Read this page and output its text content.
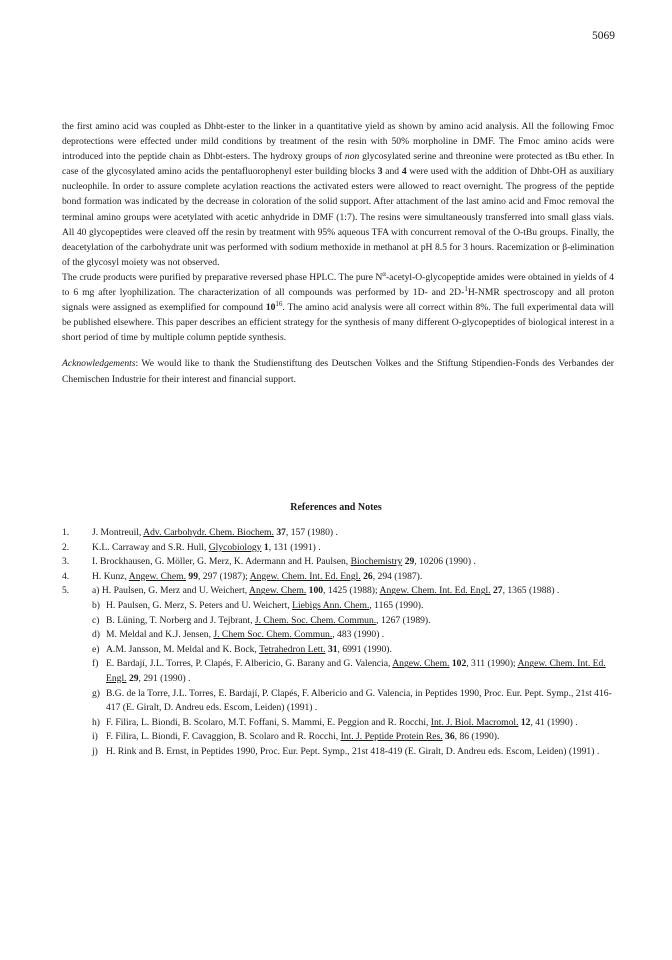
5069

the first amino acid was coupled as Dhbt-ester to the linker in a quantitative yield as shown by amino acid analysis. All the following Fmoc deprotections were effected under mild conditions by treatment of the resin with 50% morpholine in DMF. The Fmoc amino acids were introduced into the peptide chain as Dhbt-esters. The hydroxy groups of non glycosylated serine and threonine were protected as tBu ether. In case of the glycosylated amino acids the pentafluorophenyl ester building blocks 3 and 4 were used with the addition of Dhbt-OH as auxiliary nucleophile. In order to assure complete acylation reactions the activated esters were allowed to react overnight. The progress of the peptide bond formation was indicated by the decrease in coloration of the solid support. After attachment of the last amino acid and Fmoc removal the terminal amino groups were acetylated with acetic anhydride in DMF (1:7). The resins were simultaneously transferred into small glass vials. All 40 glycopeptides were cleaved off the resin by treatment with 95% aqueous TFA with concurrent removal of the O-tBu groups. Finally, the deacetylation of the carbohydrate unit was performed with sodium methoxide in methanol at pH 8.5 for 3 hours. Racemization or β-elimination of the glycosyl moiety was not observed.

The crude products were purified by preparative reversed phase HPLC. The pure $N^\alpha-acetyl-O$-glycopeptide amides were obtained in yields of 4 to 6 mg after lyophilization. The characterization of all compounds was performed by 1D- and 2D-$^1$H-NMR spectroscopy and all proton signals were assigned as exemplified for compound $10^{16}$. The amino acid analysis were all correct within 8%. The full experimental data will be published elsewhere. This paper describes an efficient strategy for the synthesis of many different O-glycopeptides of biological interest in a short period of time by multiple column peptide synthesis.

Acknowledgements: We would like to thank the Studienstiftung des Deutschen Volkes and the Stiftung Stipendien-Fonds des Verbandes der Chemischen Industrie for their interest and financial support.

References and Notes
1. J. Montreuil, Adv. Carbohydr. Chem. Biochem. 37, 157 (1980) .
2. K.L. Carraway and S.R. Hull, Glycobiology 1, 131 (1991) .
3. I. Brockhausen, G. Möller, G. Merz, K. Adermann and H. Paulsen, Biochemistry 29, 10206 (1990) .
4. H. Kunz, Angew. Chem. 99, 297 (1987); Angew. Chem. Int. Ed. Engl. 26, 294 (1987).
5. a) H. Paulsen, G. Merz and U. Weichert, Angew. Chem. 100, 1425 (1988); Angew. Chem. Int. Ed. Engl. 27, 1365 (1988) .
b) H. Paulsen, G. Merz, S. Peters and U. Weichert, Liebigs Ann. Chem., 1165 (1990).
c) B. Lüning, T. Norberg and J. Tejbrant, J. Chem. Soc. Chem. Commun., 1267 (1989).
d) M. Meldal and K.J. Jensen, J. Chem Soc. Chem. Commun., 483 (1990) .
e) A.M. Jansson, M. Meldal and K. Bock, Tetrahedron Lett. 31, 6991 (1990).
f) E. Bardají, J.L. Torres, P. Clapés, F. Albericio, G. Barany and G. Valencia, Angew. Chem. 102, 311 (1990); Angew. Chem. Int. Ed. Engl. 29, 291 (1990) .
g) B.G. de la Torre, J.L. Torres, E. Bardají, P. Clapés, F. Albericio and G. Valencia, in Peptides 1990, Proc. Eur. Pept. Symp., 21st 416-417 (E. Giralt, D. Andreu eds. Escom, Leiden) (1991) .
h) F. Filira, L. Biondi, B. Scolaro, M.T. Foffani, S. Mammi, E. Peggion and R. Rocchi, Int. J. Biol. Macromol. 12, 41 (1990) .
i) F. Filira, L. Biondi, F. Cavaggion, B. Scolaro and R. Rocchi, Int. J. Peptide Protein Res. 36, 86 (1990).
j) H. Rink and B. Ernst, in Peptides 1990, Proc. Eur. Pept. Symp., 21st 418-419 (E. Giralt, D. Andreu eds. Escom, Leiden) (1991) .
